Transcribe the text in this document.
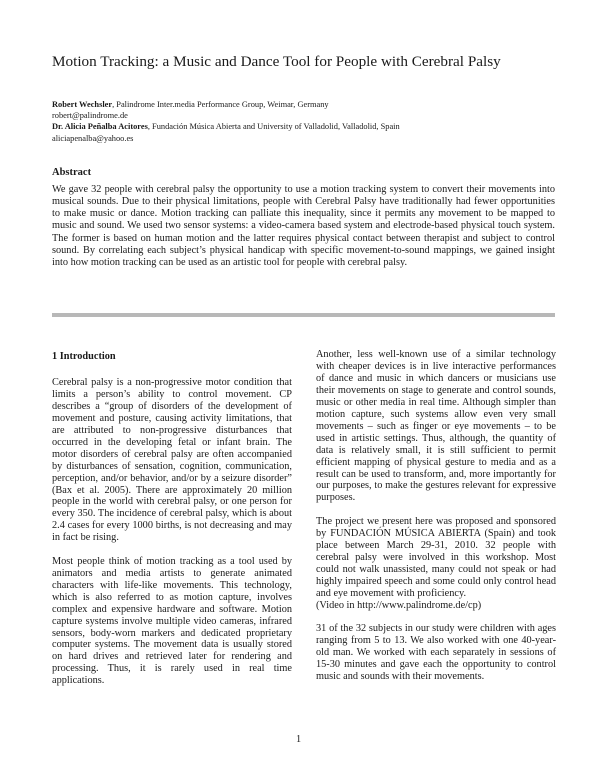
Motion Tracking: a Music and Dance Tool for People with Cerebral Palsy
Robert Wechsler, Palindrome Inter.media Performance Group, Weimar, Germany
robert@palindrome.de
Dr. Alicia Peñalba Acitores, Fundación Música Abierta and University of Valladolid, Valladolid, Spain
aliciapenalba@yahoo.es
Abstract
We gave 32 people with cerebral palsy the opportunity to use a motion tracking system to convert their movements into musical sounds. Due to their physical limitations, people with Cerebral Palsy have traditionally had fewer opportunities to make music or dance. Motion tracking can palliate this inequality, since it permits any movement to be mapped to music and sound. We used two sensor systems: a video-camera based system and electrode-based physical touch system. The former is based on human motion and the latter requires physical contact between therapist and subject to control sound. By correlating each subject’s physical handicap with specific movement-to-sound mappings, we gained insight into how motion tracking can be used as an artistic tool for people with cerebral palsy.
1 Introduction

Cerebral palsy is a non-progressive motor condition that limits a person’s ability to control movement. CP describes a “group of disorders of the development of movement and posture, causing activity limitations, that are attributed to non-progressive disturbances that occurred in the developing fetal or infant brain. The motor disorders of cerebral palsy are often accompanied by disturbances of sensation, cognition, communication, perception, and/or behavior, and/or by a seizure disorder” (Bax et al. 2005). There are approximately 20 million people in the world with cerebral palsy, or one person for every 350. The incidence of cerebral palsy, which is about 2.4 cases for every 1000 births, is not decreasing and may in fact be rising.

Most people think of motion tracking as a tool used by animators and media artists to generate animated characters with life-like movements. This technology, which is also referred to as motion capture, involves complex and expensive hardware and software. Motion capture systems involve multiple video cameras, infrared sensors, body-worn markers and dedicated proprietary computer systems. The movement data is usually stored on hard drives and retrieved later for rendering and processing. Thus, it is rarely used in real time applications.

Another, less well-known use of a similar technology with cheaper devices is in live interactive performances of dance and music in which dancers or musicians use their movements on stage to generate and control sounds, music or other media in real time. Although simpler than motion capture, such systems allow even very small movements – such as finger or eye movements – to be used in artistic settings. Thus, although, the quantity of data is relatively small, it is still sufficient to permit efficient mapping of physical gesture to media and as a result can be used to transform, and, more importantly for our purposes, to make the gestures relevant for expressive purposes.

The project we present here was proposed and sponsored by FUNDACIÓN MÚSICA ABIERTA (Spain) and took place between March 29-31, 2010. 32 people with cerebral palsy were involved in this workshop. Most could not walk unassisted, many could not speak or had highly impaired speech and some could only control head and eye movement with proficiency.

(Video in http://www.palindrome.de/cp)

31 of the 32 subjects in our study were children with ages ranging from 5 to 13. We also worked with one 40-year-old man. We worked with each separately in sessions of 15-30 minutes and gave each the opportunity to control music and sounds with their movements.

1
